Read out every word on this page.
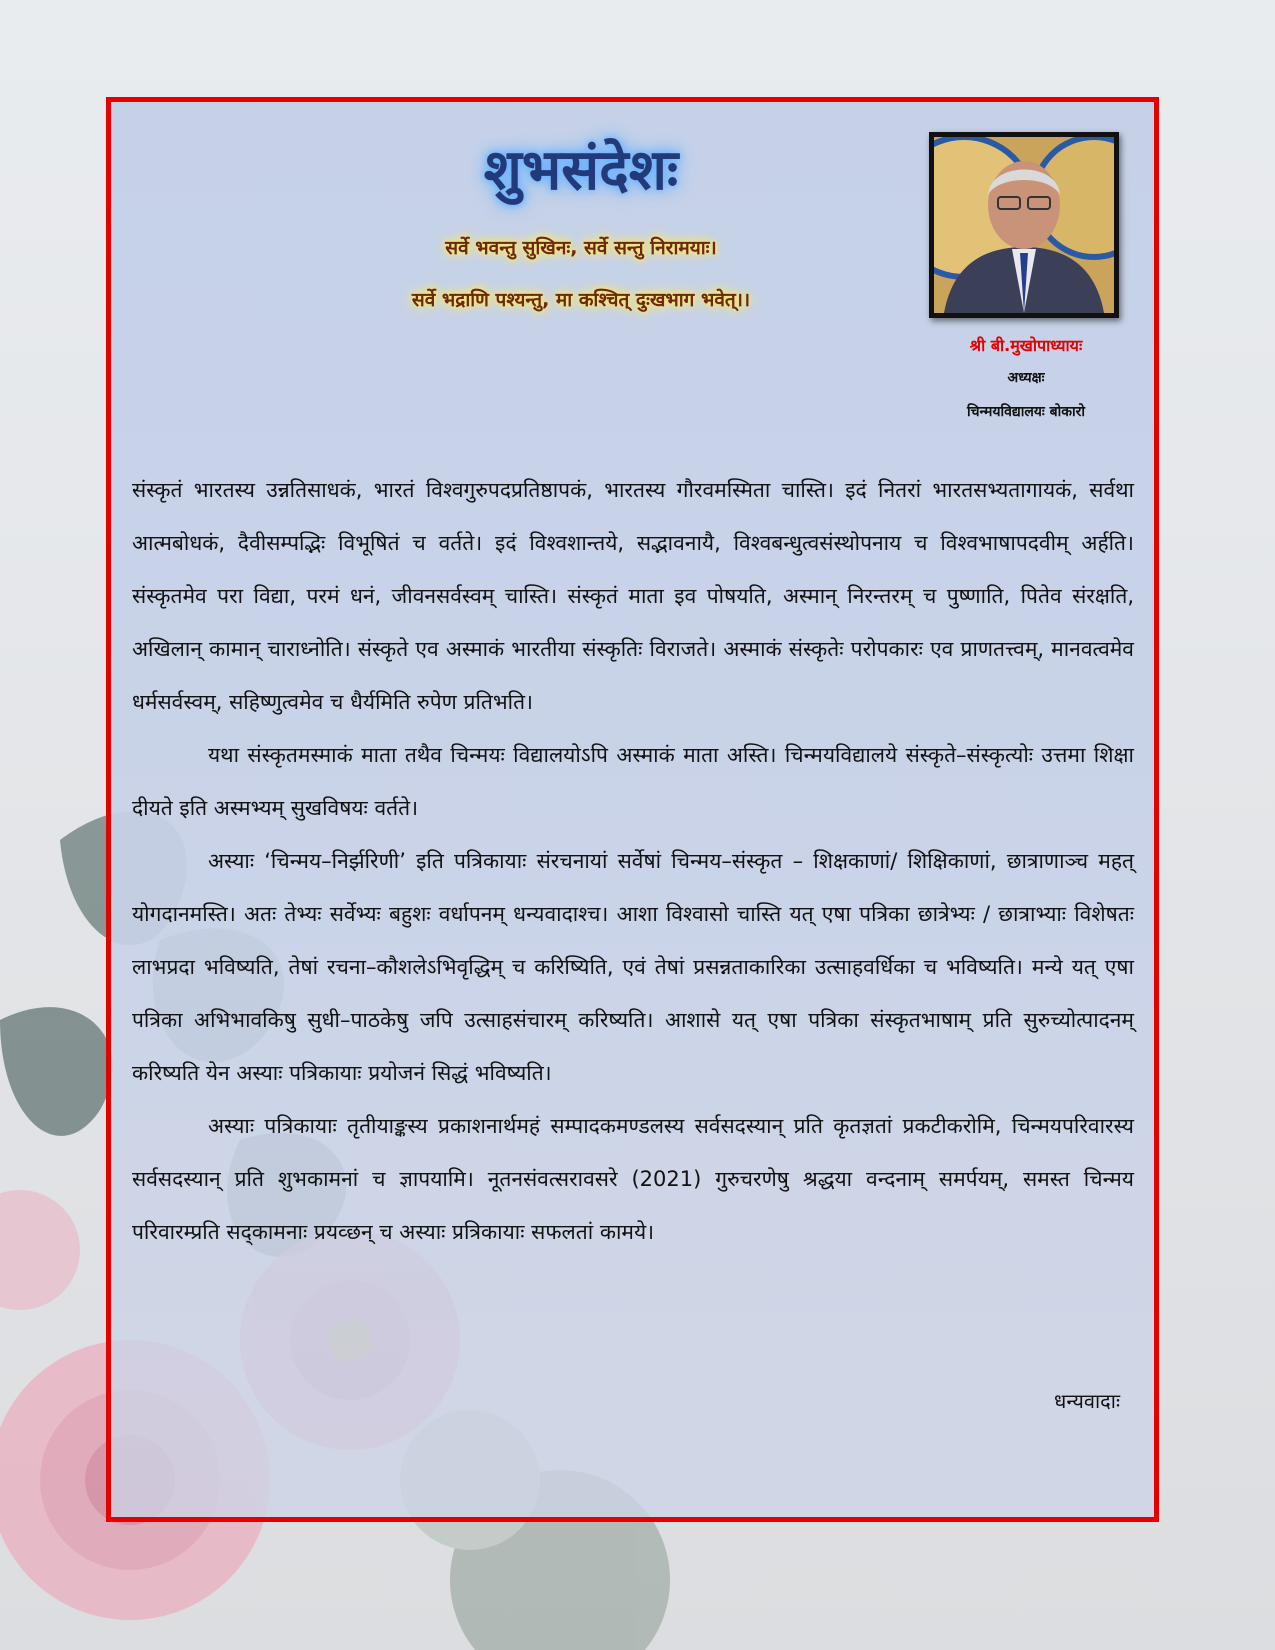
शुभसंदेशः

सर्वे भवन्तु सुखिनः, सर्वे सन्तु निरामयाः।

सर्वे भद्राणि पश्यन्तु, मा कश्चित् दुःखभाग भवेत्।।

श्री बी.मुखोपाध्यायः

अध्यक्षः

चिन्मयविद्यालयः बोकारो

संस्कृतं भारतस्य उन्नतिसाधकं, भारतं विश्वगुरुपदप्रतिष्ठापकं, भारतस्य गौरवमस्मिता चास्ति। इदं नितरां भारतसभ्यतागायकं, सर्वथा आत्मबोधकं, दैवीसम्पद्भिः विभूषितं च वर्तते। इदं विश्वशान्तये, सद्भावनायै, विश्वबन्धुत्वसंस्थोपनाय च विश्वभाषापदवीम् अर्हति। संस्कृतमेव परा विद्या, परमं धनं, जीवनसर्वस्वम् चास्ति। संस्कृतं माता इव पोषयति, अस्मान् निरन्तरम् च पुष्णाति, पितेव संरक्षति, अखिलान् कामान् चाराध्नोति। संस्कृते एव अस्माकं भारतीया संस्कृतिः विराजते। अस्माकं संस्कृतेः परोपकारः एव प्राणतत्त्वम्, मानवत्वमेव धर्मसर्वस्वम्, सहिष्णुत्वमेव च धैर्यमिति रुपेण प्रतिभति।

यथा संस्कृतमस्माकं माता तथैव चिन्मयः विद्यालयोऽपि अस्माकं माता अस्ति। चिन्मयविद्यालये संस्कृते–संस्कृत्योः उत्तमा शिक्षा दीयते इति अस्मभ्यम् सुखविषयः वर्तते।

अस्याः ‘चिन्मय–निर्झरिणी’ इति पत्रिकायाः संरचनायां सर्वेषां चिन्मय–संस्कृत – शिक्षकाणां/ शिक्षिकाणां, छात्राणाञ्च महत् योगदानमस्ति। अतः तेभ्यः सर्वेभ्यः बहुशः वर्धापनम् धन्यवादाश्च। आशा विश्वासो चास्ति यत् एषा पत्रिका छात्रेभ्यः / छात्राभ्याः विशेषतः लाभप्रदा भविष्यति, तेषां रचना–कौशलेऽभिवृद्धिम् च करिष्यिति, एवं तेषां प्रसन्नताकारिका उत्साहवर्धिका च भविष्यति। मन्ये यत् एषा पत्रिका अभिभावकिषु सुधी–पाठकेषु जपि उत्साहसंचारम् करिष्यति। आशासे यत् एषा पत्रिका संस्कृतभाषाम् प्रति सुरुच्योत्पादनम् करिष्यति येन अस्याः पत्रिकायाः प्रयोजनं सिद्धं भविष्यति।

अस्याः पत्रिकायाः तृतीयाङ्कस्य प्रकाशनार्थमहं सम्पादकमण्डलस्य सर्वसदस्यान् प्रति कृतज्ञतां प्रकटीकरोमि, चिन्मयपरिवारस्य सर्वसदस्यान् प्रति शुभकामनां च ज्ञापयामि। नूतनसंवत्सरावसरे (2021) गुरुचरणेषु श्रद्धया वन्दनाम् समर्पयम्, समस्त चिन्मय परिवारम्प्रति सद्कामनाः प्रयव्छन् च अस्याः प्रत्रिकायाः सफलतां कामये।

धन्यवादाः
